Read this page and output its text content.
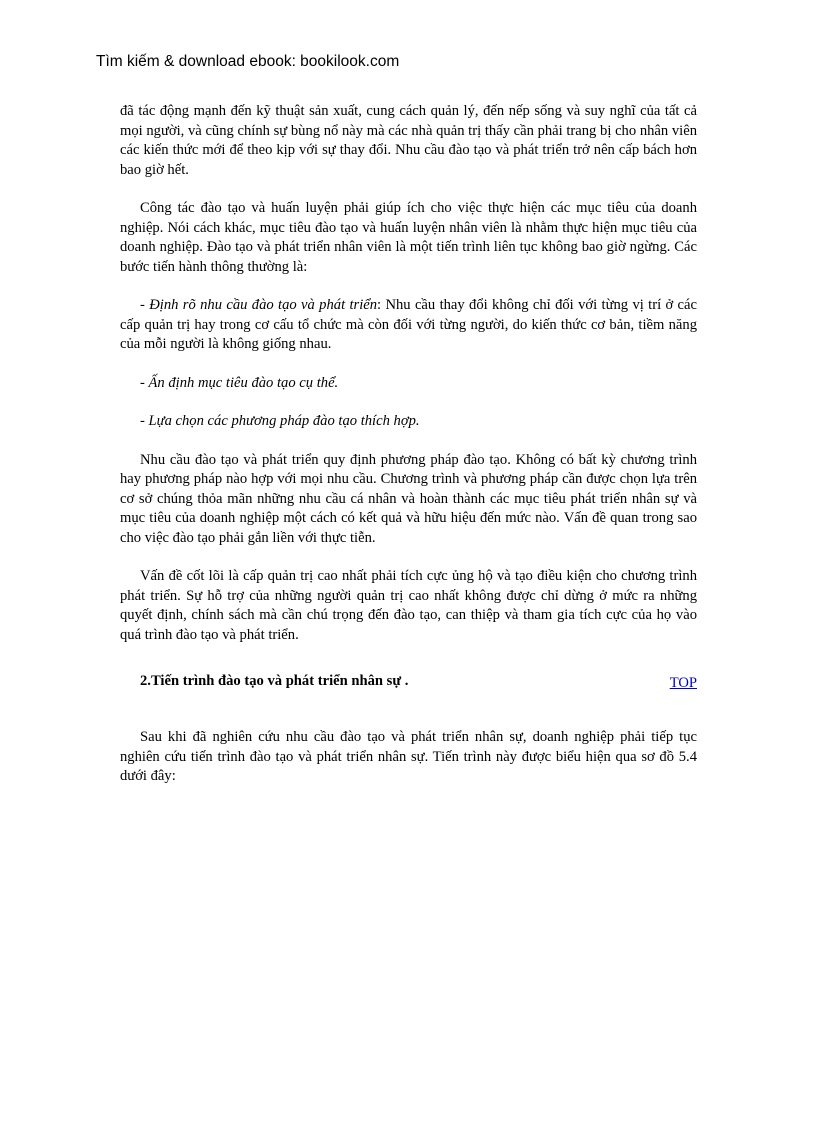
Tìm kiếm & download ebook: bookilook.com

đã tác động mạnh đến kỹ thuật sản xuất, cung cách quản lý, đến nếp sống và suy nghĩ của tất cả mọi người, và cũng chính sự bùng nổ này mà các nhà quản trị thấy cần phải trang bị cho nhân viên các kiến thức mới để theo kịp với sự thay đổi. Nhu cầu đào tạo và phát triển trở nên cấp bách hơn bao giờ hết.

Công tác đào tạo và huấn luyện phải giúp ích cho việc thực hiện các mục tiêu của doanh nghiệp. Nói cách khác, mục tiêu đào tạo và huấn luyện nhân viên là nhằm thực hiện mục tiêu của doanh nghiệp. Đào tạo và phát triển nhân viên là một tiến trình liên tục không bao giờ ngừng. Các bước tiến hành thông thường là:

- Định rõ nhu cầu đào tạo và phát triển: Nhu cầu thay đổi không chỉ đối với từng vị trí ở các cấp quản trị hay trong cơ cấu tổ chức mà còn đối với từng người, do kiến thức cơ bản, tiềm năng của mỗi người là không giống nhau.

- Ấn định mục tiêu đào tạo cụ thể.

- Lựa chọn các phương pháp đào tạo thích hợp.

Nhu cầu đào tạo và phát triển quy định phương pháp đào tạo. Không có bất kỳ chương trình hay phương pháp nào hợp với mọi nhu cầu. Chương trình và phương pháp cần được chọn lựa trên cơ sở chúng thỏa mãn những nhu cầu cá nhân và hoàn thành các mục tiêu phát triển nhân sự và mục tiêu của doanh nghiệp một cách có kết quả và hữu hiệu đến mức nào. Vấn đề quan trong sao cho việc đào tạo phải gắn liền với thực tiễn.

Vấn đề cốt lõi là cấp quản trị cao nhất phải tích cực ủng hộ và tạo điều kiện cho chương trình phát triển. Sự hỗ trợ của những người quản trị cao nhất không được chỉ dừng ở mức ra những quyết định, chính sách mà cần chú trọng đến đào tạo, can thiệp và tham gia tích cực của họ vào quá trình đào tạo và phát triển.

2.Tiến trình đào tạo và phát triển nhân sự .	TOP

Sau khi đã nghiên cứu nhu cầu đào tạo và phát triển nhân sự, doanh nghiệp phải tiếp tục nghiên cứu tiến trình đào tạo và phát triển nhân sự. Tiến trình này được biểu hiện qua sơ đồ 5.4 dưới đây:
